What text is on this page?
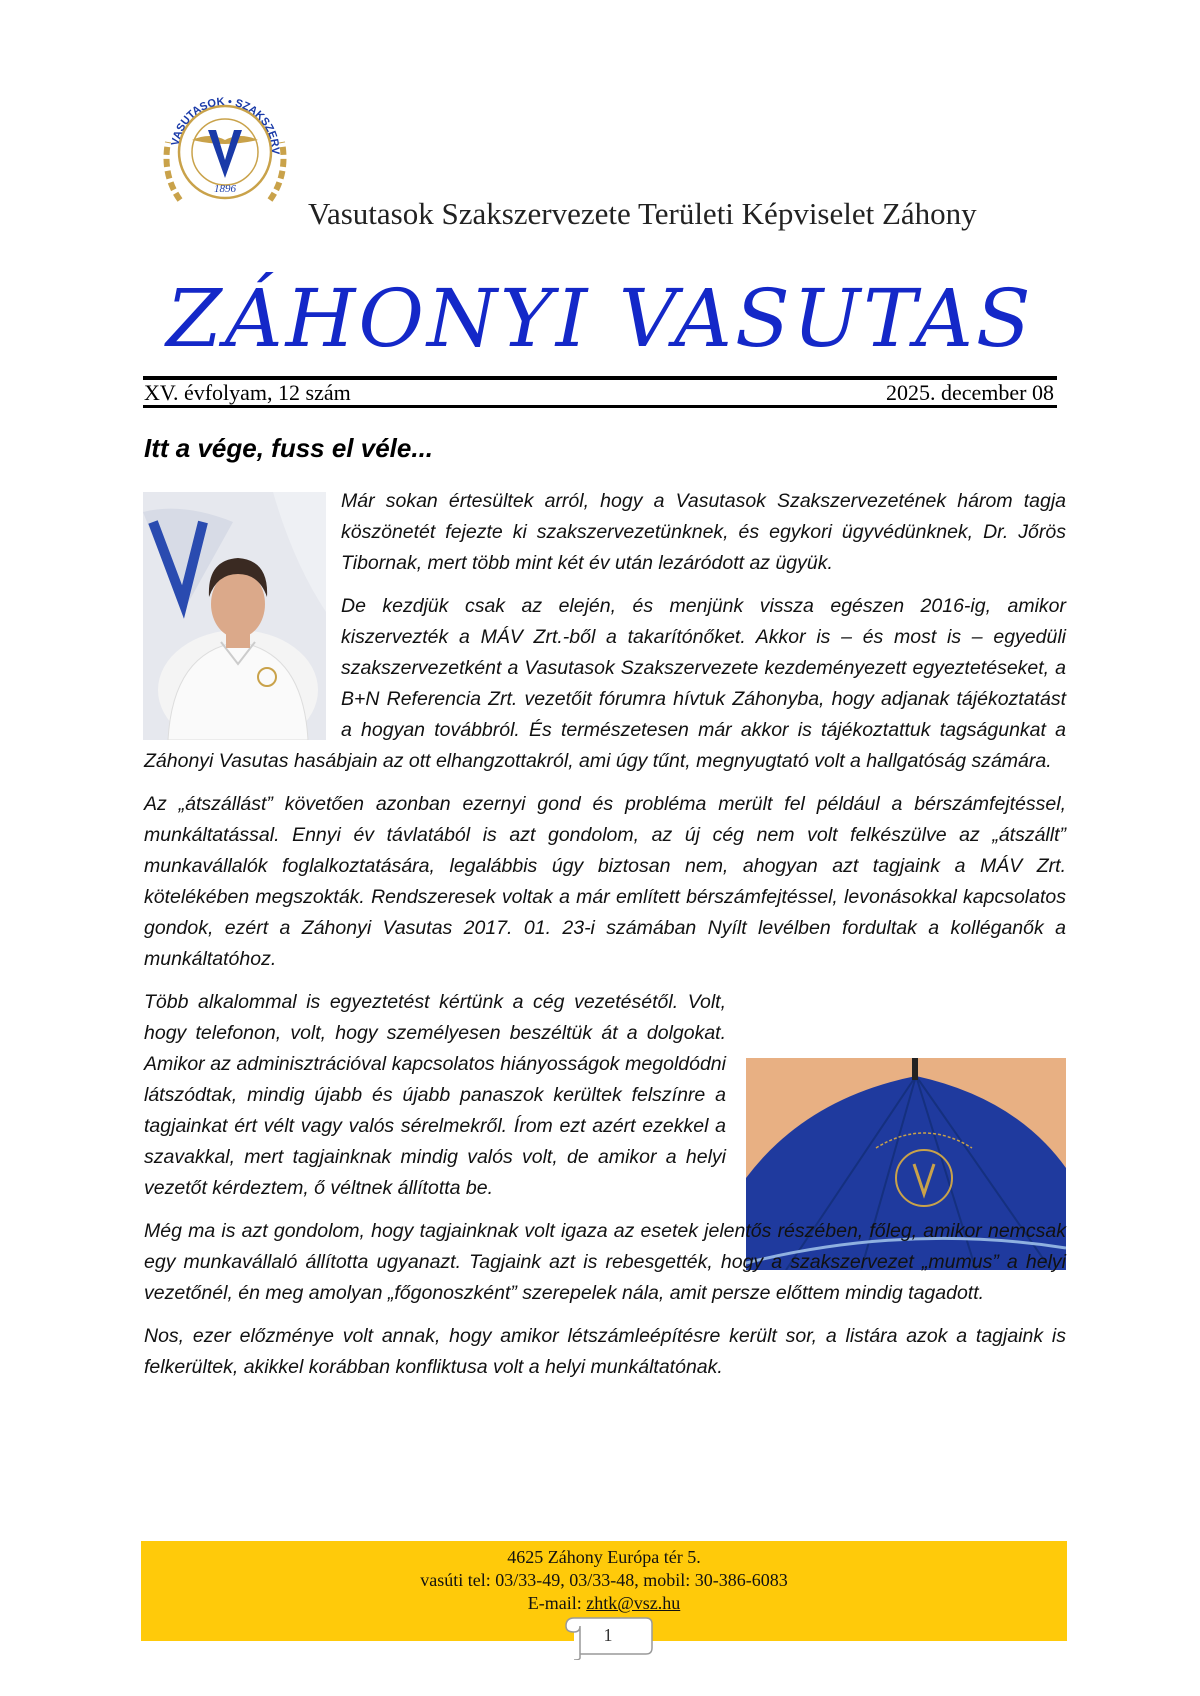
VASUTASOK • SZAKSZERV
1896
Vasutasok Szakszervezete Területi Képviselet Záhony
ZÁHONYI VASUTAS
XV. évfolyam, 12 szám	2025. december 08
Itt a vége, fuss el véle...

Már sokan értesültek arról, hogy a Vasutasok Szakszervezetének három tagja köszönetét fejezte ki szakszervezetünknek, és egykori ügyvédünknek, Dr. Jőrös Tibornak, mert több mint két év után lezáródott az ügyük.

De kezdjük csak az elején, és menjünk vissza egészen 2016-ig, amikor kiszervezték a MÁV Zrt.-ből a takarítónőket. Akkor is – és most is – egyedüli szakszervezetként a Vasutasok Szakszervezete kezdeményezett egyeztetéseket, a B+N Referencia Zrt. vezetőit fórumra hívtuk Záhonyba, hogy adjanak tájékoztatást a hogyan továbbról. És természetesen már akkor is tájékoztattuk tagságunkat a Záhonyi Vasutas hasábjain az ott elhangzottakról, ami úgy tűnt, megnyugtató volt a hallgatóság számára.

Az „átszállást” követően azonban ezernyi gond és probléma merült fel például a bérszámfejtéssel, munkáltatással. Ennyi év távlatából is azt gondolom, az új cég nem volt felkészülve az „átszállt” munkavállalók foglalkoztatására, legalábbis úgy biztosan nem, ahogyan azt tagjaink a MÁV Zrt. kötelékében megszokták. Rendszeresek voltak a már említett bérszámfejtéssel, levonásokkal kapcsolatos gondok, ezért a Záhonyi Vasutas 2017. 01. 23-i számában Nyílt levélben fordultak a kolléganők a munkáltatóhoz.

Több alkalommal is egyeztetést kértünk a cég vezetésétől. Volt, hogy telefonon, volt, hogy személyesen beszéltük át a dolgokat. Amikor az adminisztrációval kapcsolatos hiányosságok megoldódni látszódtak, mindig újabb és újabb panaszok kerültek felszínre a tagjainkat ért vélt vagy valós sérelmekről. Írom ezt azért ezekkel a szavakkal, mert tagjainknak mindig valós volt, de amikor a helyi vezetőt kérdeztem, ő véltnek állította be.

Még ma is azt gondolom, hogy tagjainknak volt igaza az esetek jelentős részében, főleg, amikor nemcsak egy munkavállaló állította ugyanazt. Tagjaink azt is rebesgették, hogy a szakszervezet „mumus” a helyi vezetőnél, én meg amolyan „főgonoszként” szerepelek nála, amit persze előttem mindig tagadott.

Nos, ezer előzménye volt annak, hogy amikor létszámleépítésre került sor, a listára azok a tagjaink is felkerültek, akikkel korábban konfliktusa volt a helyi munkáltatónak.

4625 Záhony Európa tér 5.
vasúti tel: 03/33-49, 03/33-48, mobil: 30-386-6083
E-mail: zhtk@vsz.hu
1
